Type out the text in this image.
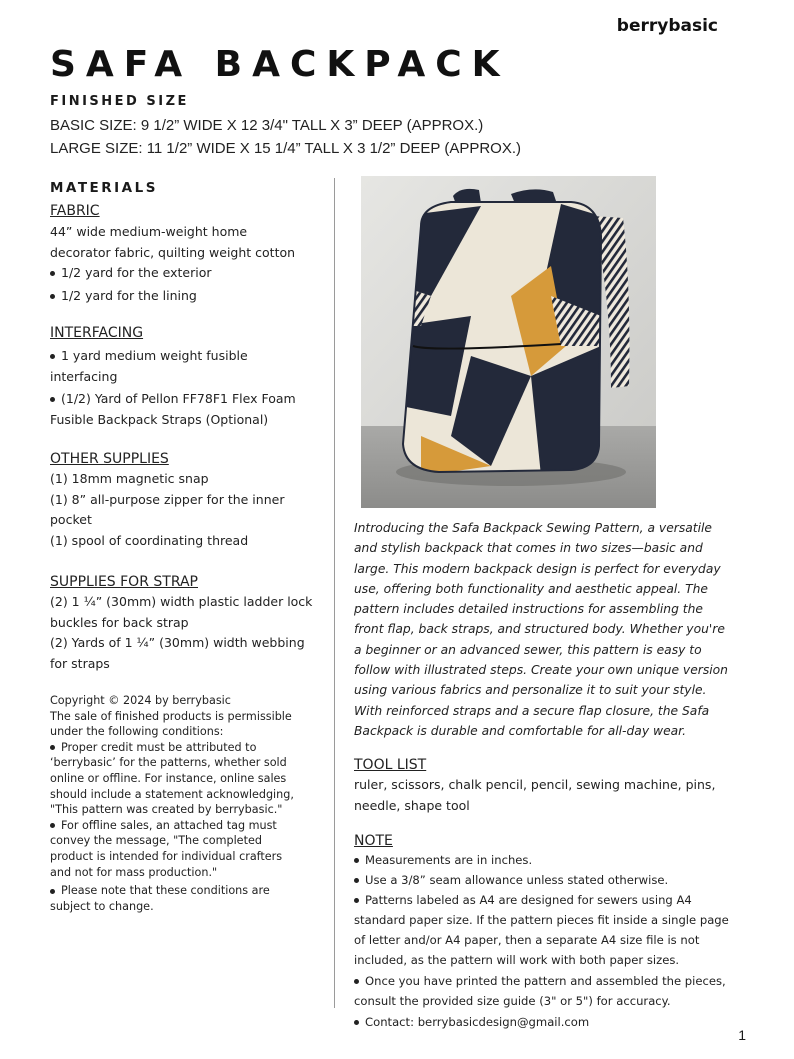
berrybasic
SAFA BACKPACK
FINISHED SIZE
BASIC SIZE: 9 1/2” WIDE X 12 3/4" TALL X 3” DEEP (APPROX.)
LARGE SIZE: 11 1/2” WIDE X 15 1/4” TALL X 3 1/2” DEEP (APPROX.)

MATERIALS

FABRIC

44” wide medium-weight home

decorator fabric, quilting weight cotton

1/2 yard for the exterior

1/2 yard for the lining

INTERFACING

1 yard medium weight fusible

interfacing

(1/2) Yard of Pellon FF78F1 Flex Foam

Fusible Backpack Straps (Optional)

OTHER SUPPLIES

(1) 18mm magnetic snap

(1) 8” all-purpose zipper for the inner

pocket

(1) spool of coordinating thread

SUPPLIES FOR STRAP

(2) 1 ¼” (30mm) width plastic ladder lock

buckles for back strap

(2) Yards of 1 ¼” (30mm) width webbing

for straps

Copyright © 2024 by berrybasic

The sale of finished products is permissible

under the following conditions:

Proper credit must be attributed to

‘berrybasic’ for the patterns, whether sold

online or offline. For instance, online sales

should include a statement acknowledging,

"This pattern was created by berrybasic."

For offline sales, an attached tag must

convey the message, "The completed

product is intended for individual crafters

and not for mass production."

Please note that these conditions are

subject to change.

Introducing the Safa Backpack Sewing Pattern, a versatile

and stylish backpack that comes in two sizes—basic and

large. This modern backpack design is perfect for everyday

use, offering both functionality and aesthetic appeal. The

pattern includes detailed instructions for assembling the

front flap, back straps, and structured body. Whether you're

a beginner or an advanced sewer, this pattern is easy to

follow with illustrated steps. Create your own unique version

using various fabrics and personalize it to suit your style.

With reinforced straps and a secure flap closure, the Safa

Backpack is durable and comfortable for all-day wear.

TOOL LIST

ruler, scissors, chalk pencil, pencil, sewing machine, pins,

needle, shape tool

NOTE

Measurements are in inches.

Use a 3/8” seam allowance unless stated otherwise.

Patterns labeled as A4 are designed for sewers using A4

standard paper size. If the pattern pieces fit inside a single page

of letter and/or A4 paper, then a separate A4 size file is not

included, as the pattern will work with both paper sizes.

Once you have printed the pattern and assembled the pieces,

consult the provided size guide (3" or 5") for accuracy.

Contact: berrybasicdesign@gmail.com

1
